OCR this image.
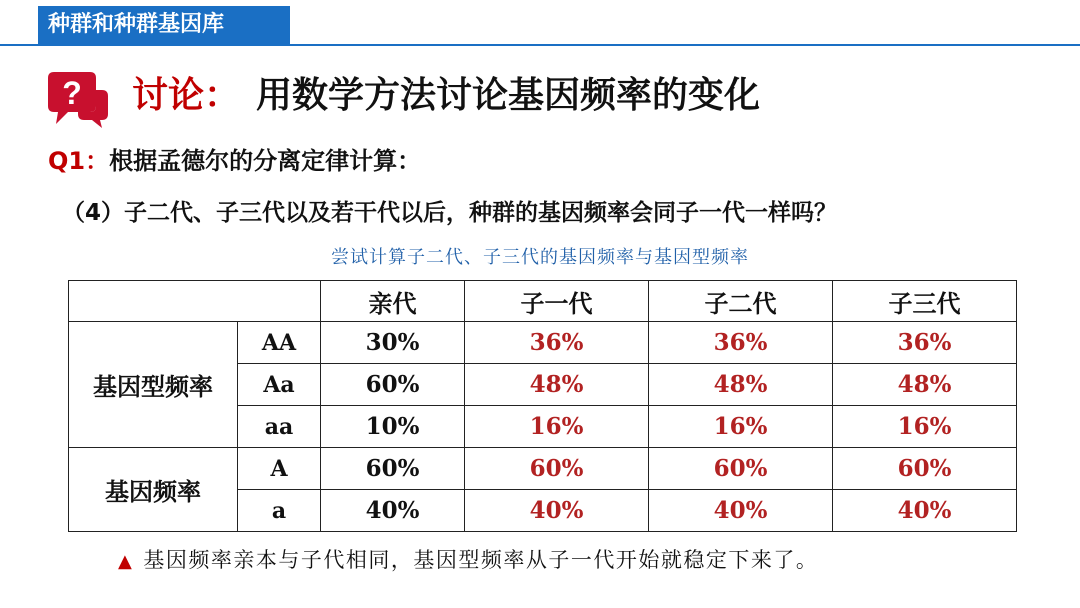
种群和种群基因库
? 讨论： 用数学方法讨论基因频率的变化
Q1：根据孟德尔的分离定律计算：
（4）子二代、子三代以及若干代以后，种群的基因频率会同子一代一样吗？
尝试计算子二代、子三代的基因频率与基因型频率
		亲代	子一代	子二代	子三代
基因型频率	AA	30%	36%	36%	36%
	Aa	60%	48%	48%	48%
	aa	10%	16%	16%	16%
基因频率	A	60%	60%	60%	60%
	a	40%	40%	40%	40%
▲ 基因频率亲本与子代相同，基因型频率从子一代开始就稳定下来了。
